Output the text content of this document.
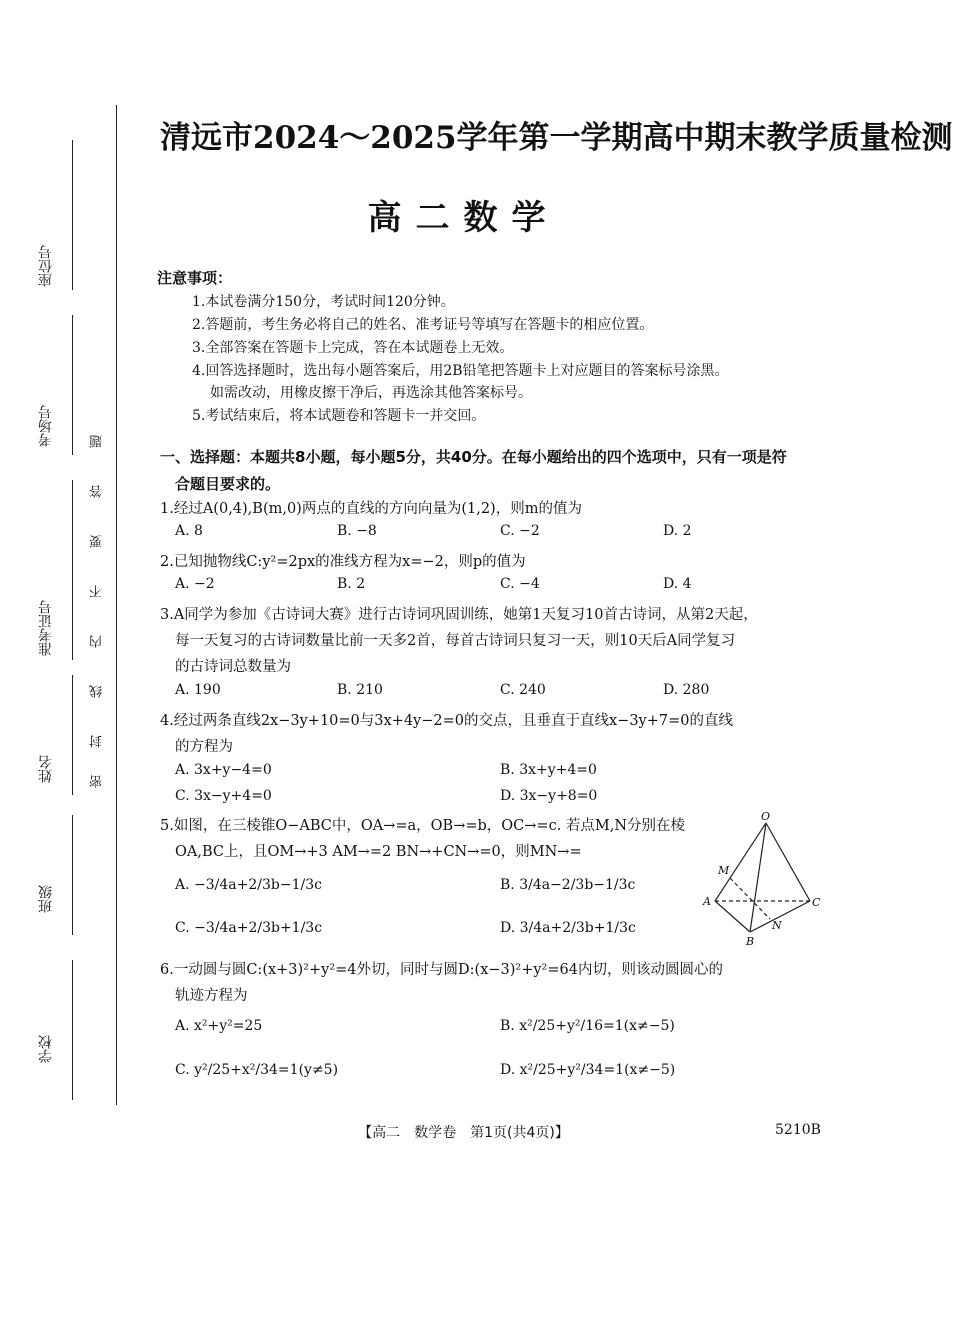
座位号
考场号
准考证号
姓名
班级
学校
题
答
要
不
内
线
封
密
清远市2024～2025学年第一学期高中期末教学质量检测
高二数学
注意事项：
1.本试卷满分150分，考试时间120分钟。
2.答题前，考生务必将自己的姓名、准考证号等填写在答题卡的相应位置。
3.全部答案在答题卡上完成，答在本试题卷上无效。
4.回答选择题时，选出每小题答案后，用2B铅笔把答题卡上对应题目的答案标号涂黑。
如需改动，用橡皮擦干净后，再选涂其他答案标号。
5.考试结束后，将本试题卷和答题卡一并交回。
一、选择题：本题共8小题，每小题5分，共40分。在每小题给出的四个选项中，只有一项是符
合题目要求的。
1.经过A(0,4),B(m,0)两点的直线的方向向量为(1,2)，则m的值为
A. 8	B. −8	C. −2	D. 2
2.已知抛物线C:y²=2px的准线方程为x=−2，则p的值为
A. −2	B. 2	C. −4	D. 4
3.A同学为参加《古诗词大赛》进行古诗词巩固训练，她第1天复习10首古诗词，从第2天起，
每一天复习的古诗词数量比前一天多2首，每首古诗词只复习一天，则10天后A同学复习
的古诗词总数量为
A. 190	B. 210	C. 240	D. 280
4.经过两条直线2x−3y+10=0与3x+4y−2=0的交点，且垂直于直线x−3y+7=0的直线
的方程为
A. 3x+y−4=0	B. 3x+y+4=0
C. 3x−y+4=0	D. 3x−y+8=0
5.如图，在三棱锥O−ABC中，OA→=a，OB→=b，OC→=c. 若点M,N分别在棱
OA,BC上，且OM→+3 AM→=2 BN→+CN→=0，则MN→=
A. −3/4a+2/3b−1/3c	B. 3/4a−2/3b−1/3c
C. −3/4a+2/3b+1/3c	D. 3/4a+2/3b+1/3c
O
M
A	C
N
B
6.一动圆与圆C:(x+3)²+y²=4外切，同时与圆D:(x−3)²+y²=64内切，则该动圆圆心的
轨迹方程为
A. x²+y²=25	B. x²/25+y²/16=1(x≠−5)
C. y²/25+x²/34=1(y≠5)	D. x²/25+y²/34=1(x≠−5)
【高二　数学卷　第1页(共4页)】	5210B
